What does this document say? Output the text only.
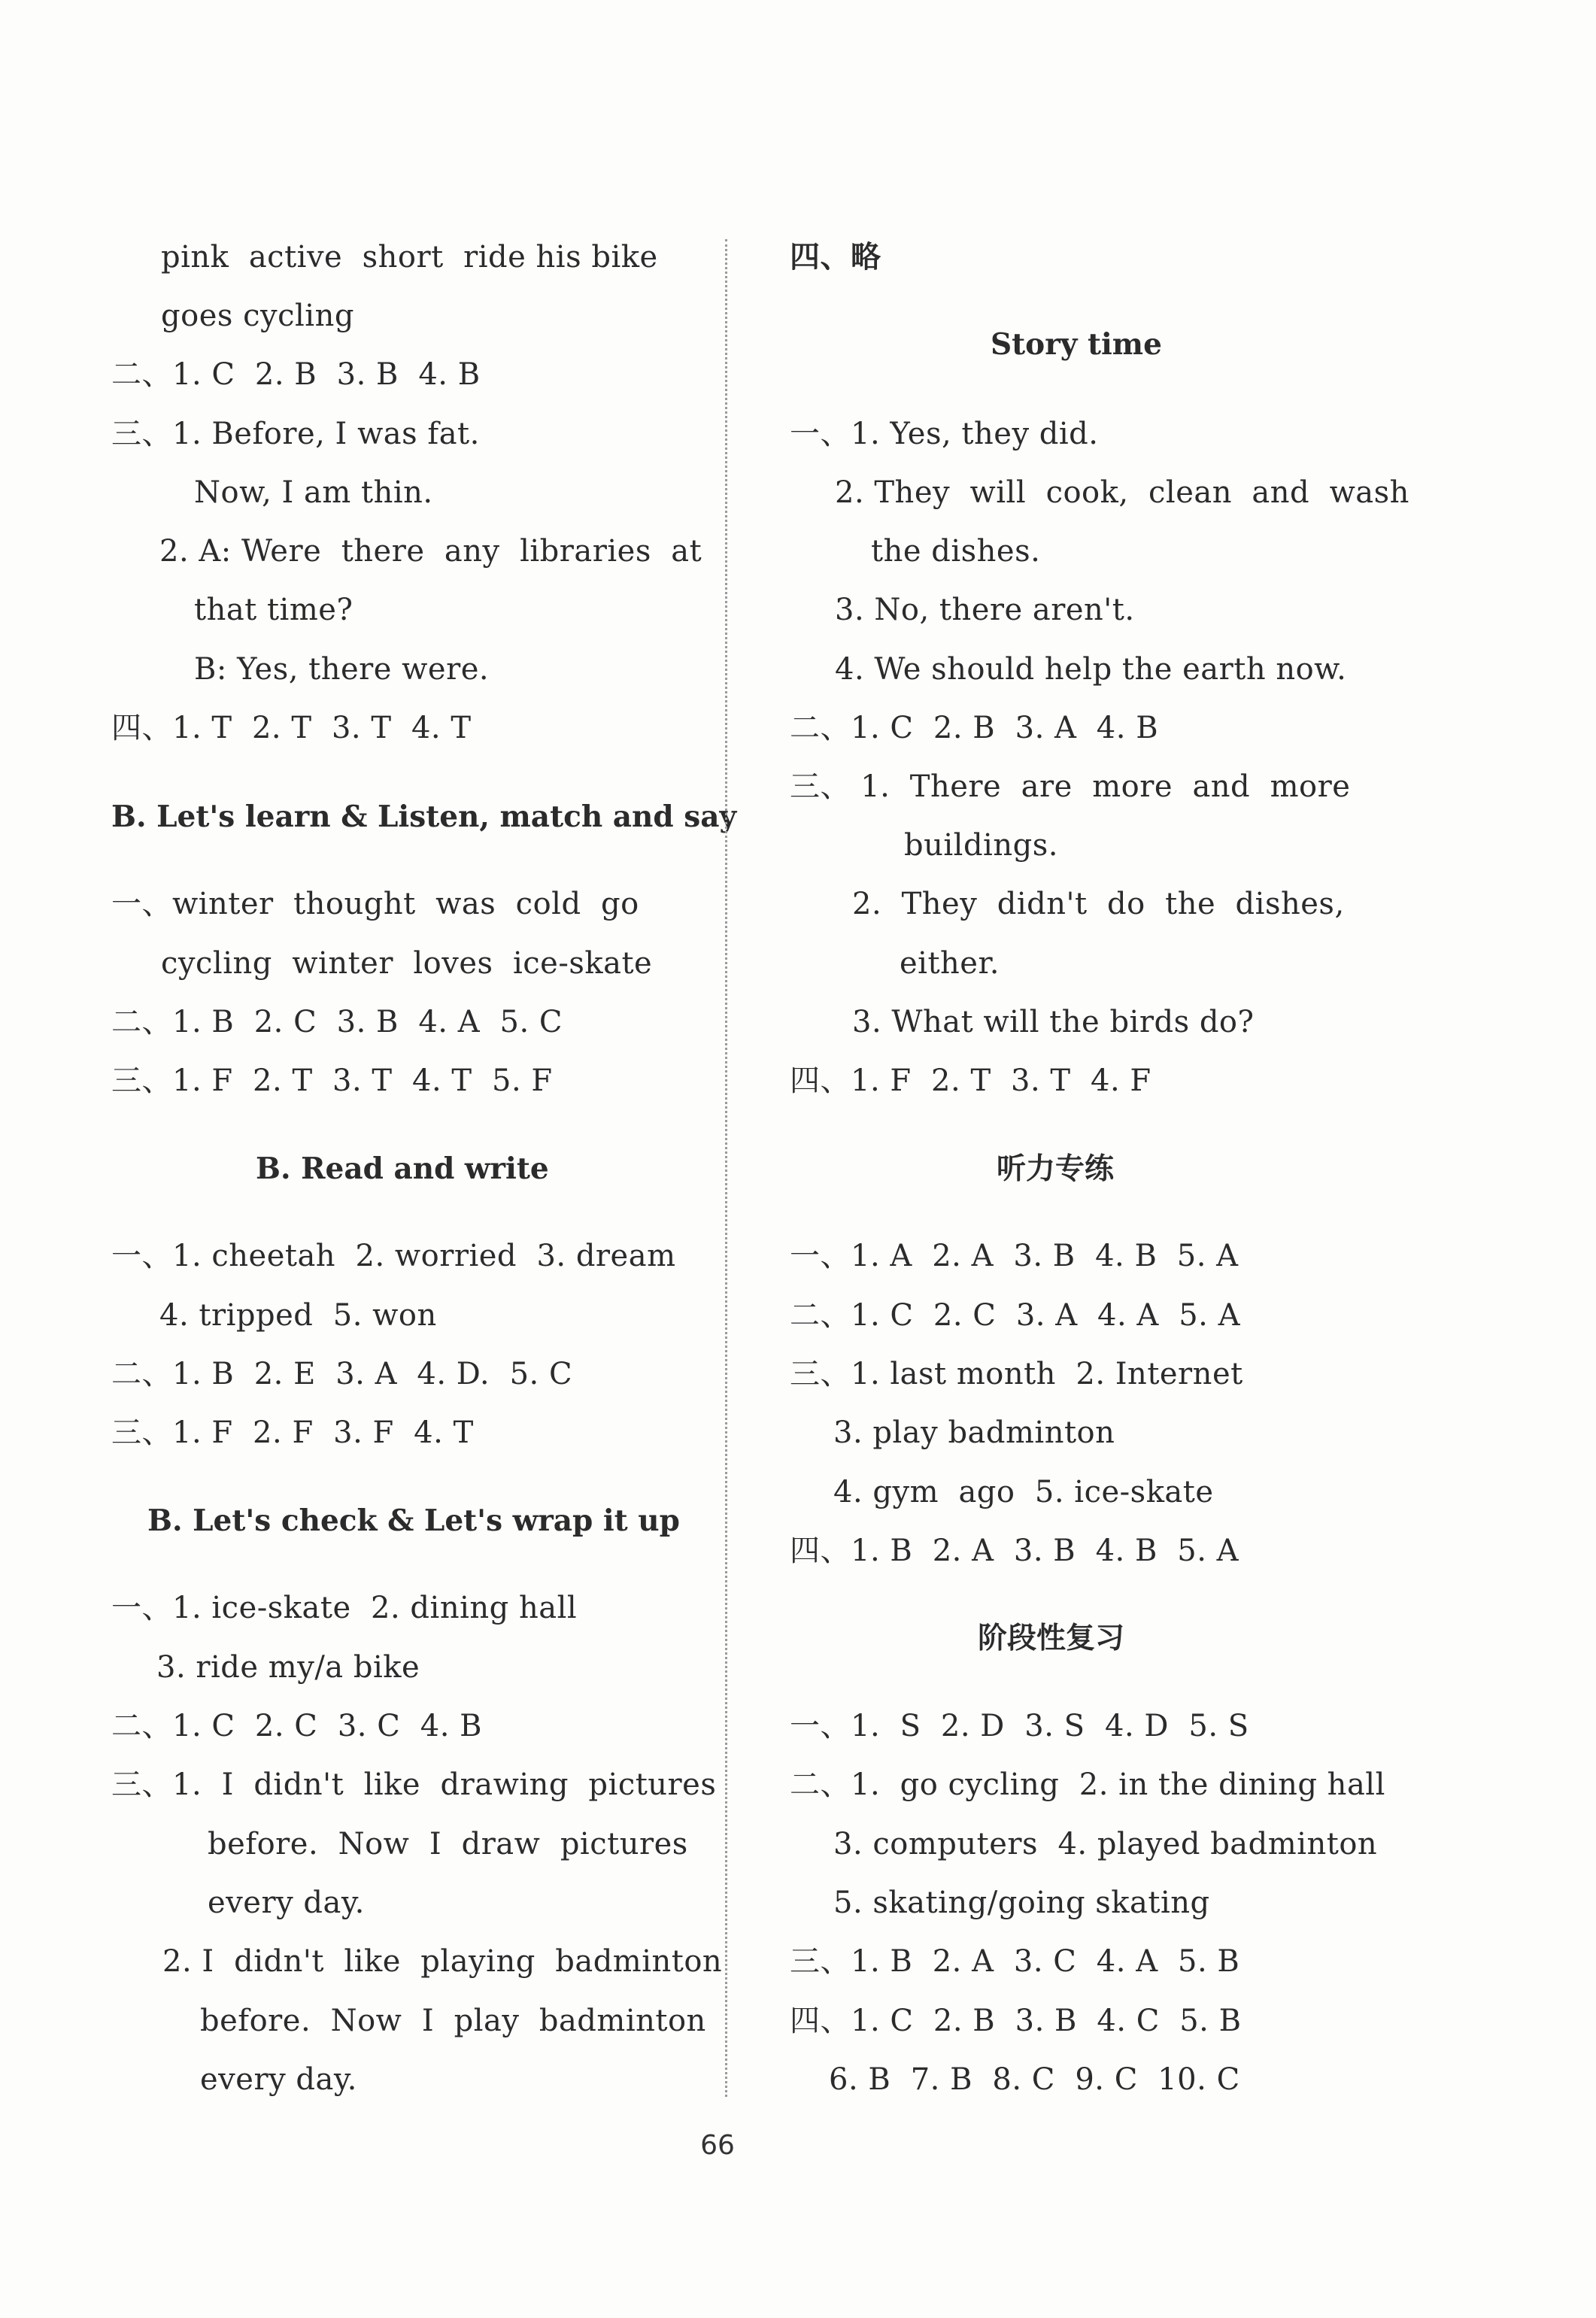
pink  active  short  ride his bike
goes cycling
二、1. C  2. B  3. B  4. B
三、1. Before, I was fat.
Now, I am thin.
2. A: Were  there  any  libraries  at
that time?
B: Yes, there were.
四、1. T  2. T  3. T  4. T
B. Let's learn & Listen, match and say
一、winter  thought  was  cold  go
cycling  winter  loves  ice-skate
二、1. B  2. C  3. B  4. A  5. C
三、1. F  2. T  3. T  4. T  5. F
B. Read and write
一、1. cheetah  2. worried  3. dream
4. tripped  5. won
二、1. B  2. E  3. A  4. D.  5. C
三、1. F  2. F  3. F  4. T
B. Let's check & Let's wrap it up
一、1. ice-skate  2. dining hall
3. ride my/a bike
二、1. C  2. C  3. C  4. B
三、1.  I  didn't  like  drawing  pictures
before.  Now  I  draw  pictures
every day.
2. I  didn't  like  playing  badminton
before.  Now  I  play  badminton
every day.
四、略
Story time
一、1. Yes, they did.
2. They  will  cook,  clean  and  wash
the dishes.
3. No, there aren't.
4. We should help the earth now.
二、1. C  2. B  3. A  4. B
三、 1.  There  are  more  and  more
buildings.
2.  They  didn't  do  the  dishes,
either.
3. What will the birds do?
四、1. F  2. T  3. T  4. F
听力专练
一、1. A  2. A  3. B  4. B  5. A
二、1. C  2. C  3. A  4. A  5. A
三、1. last month  2. Internet
3. play badminton
4. gym  ago  5. ice-skate
四、1. B  2. A  3. B  4. B  5. A
阶段性复习
一、1.  S  2. D  3. S  4. D  5. S
二、1.  go cycling  2. in the dining hall
3. computers  4. played badminton
5. skating/going skating
三、1. B  2. A  3. C  4. A  5. B
四、1. C  2. B  3. B  4. C  5. B
6. B  7. B  8. C  9. C  10. C
66
